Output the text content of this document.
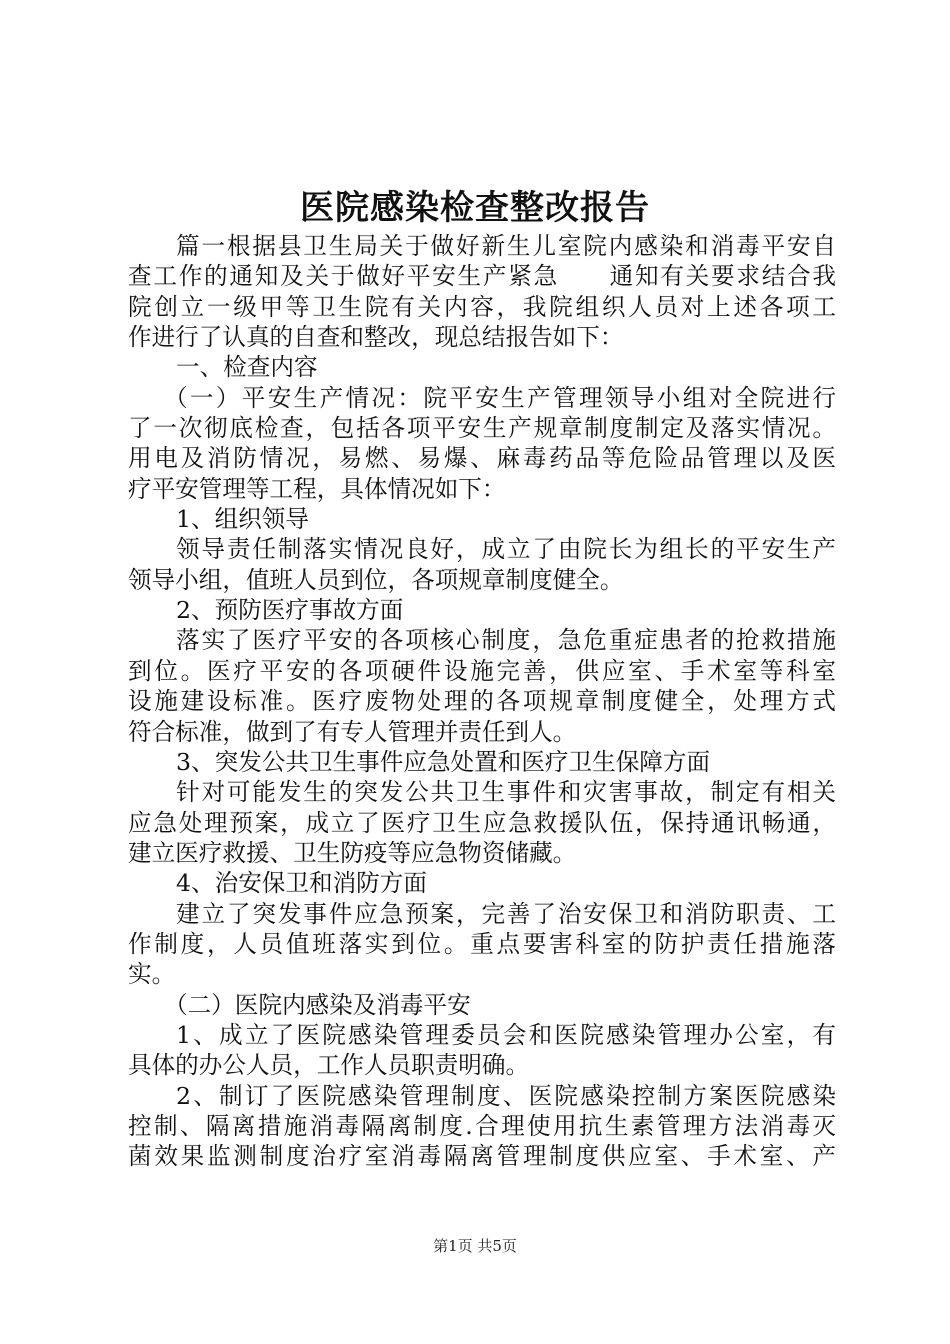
医院感染检查整改报告
篇一根据县卫生局关于做好新生儿室院内感染和消毒平安自
查工作的通知及关于做好平安生产紧急　　通知有关要求结合我
院创立一级甲等卫生院有关内容，我院组织人员对上述各项工
作进行了认真的自查和整改，现总结报告如下：
一、检查内容
（一）平安生产情况：院平安生产管理领导小组对全院进行
了一次彻底检查，包括各项平安生产规章制度制定及落实情况。
用电及消防情况，易燃、易爆、麻毒药品等危险品管理以及医
疗平安管理等工程，具体情况如下：
1、组织领导
领导责任制落实情况良好，成立了由院长为组长的平安生产
领导小组，值班人员到位，各项规章制度健全。
2、预防医疗事故方面
落实了医疗平安的各项核心制度，急危重症患者的抢救措施
到位。医疗平安的各项硬件设施完善，供应室、手术室等科室
设施建设标准。医疗废物处理的各项规章制度健全，处理方式
符合标准，做到了有专人管理并责任到人。
3、突发公共卫生事件应急处置和医疗卫生保障方面
针对可能发生的突发公共卫生事件和灾害事故，制定有相关
应急处理预案，成立了医疗卫生应急救援队伍，保持通讯畅通，
建立医疗救援、卫生防疫等应急物资储藏。
4、治安保卫和消防方面
建立了突发事件应急预案，完善了治安保卫和消防职责、工
作制度，人员值班落实到位。重点要害科室的防护责任措施落
实。
（二）医院内感染及消毒平安
1、成立了医院感染管理委员会和医院感染管理办公室，有
具体的办公人员，工作人员职责明确。
2、制订了医院感染管理制度、医院感染控制方案医院感染
控制、隔离措施消毒隔离制度.合理使用抗生素管理方法消毒灭
菌效果监测制度治疗室消毒隔离管理制度供应室、手术室、产
第1页 共5页
